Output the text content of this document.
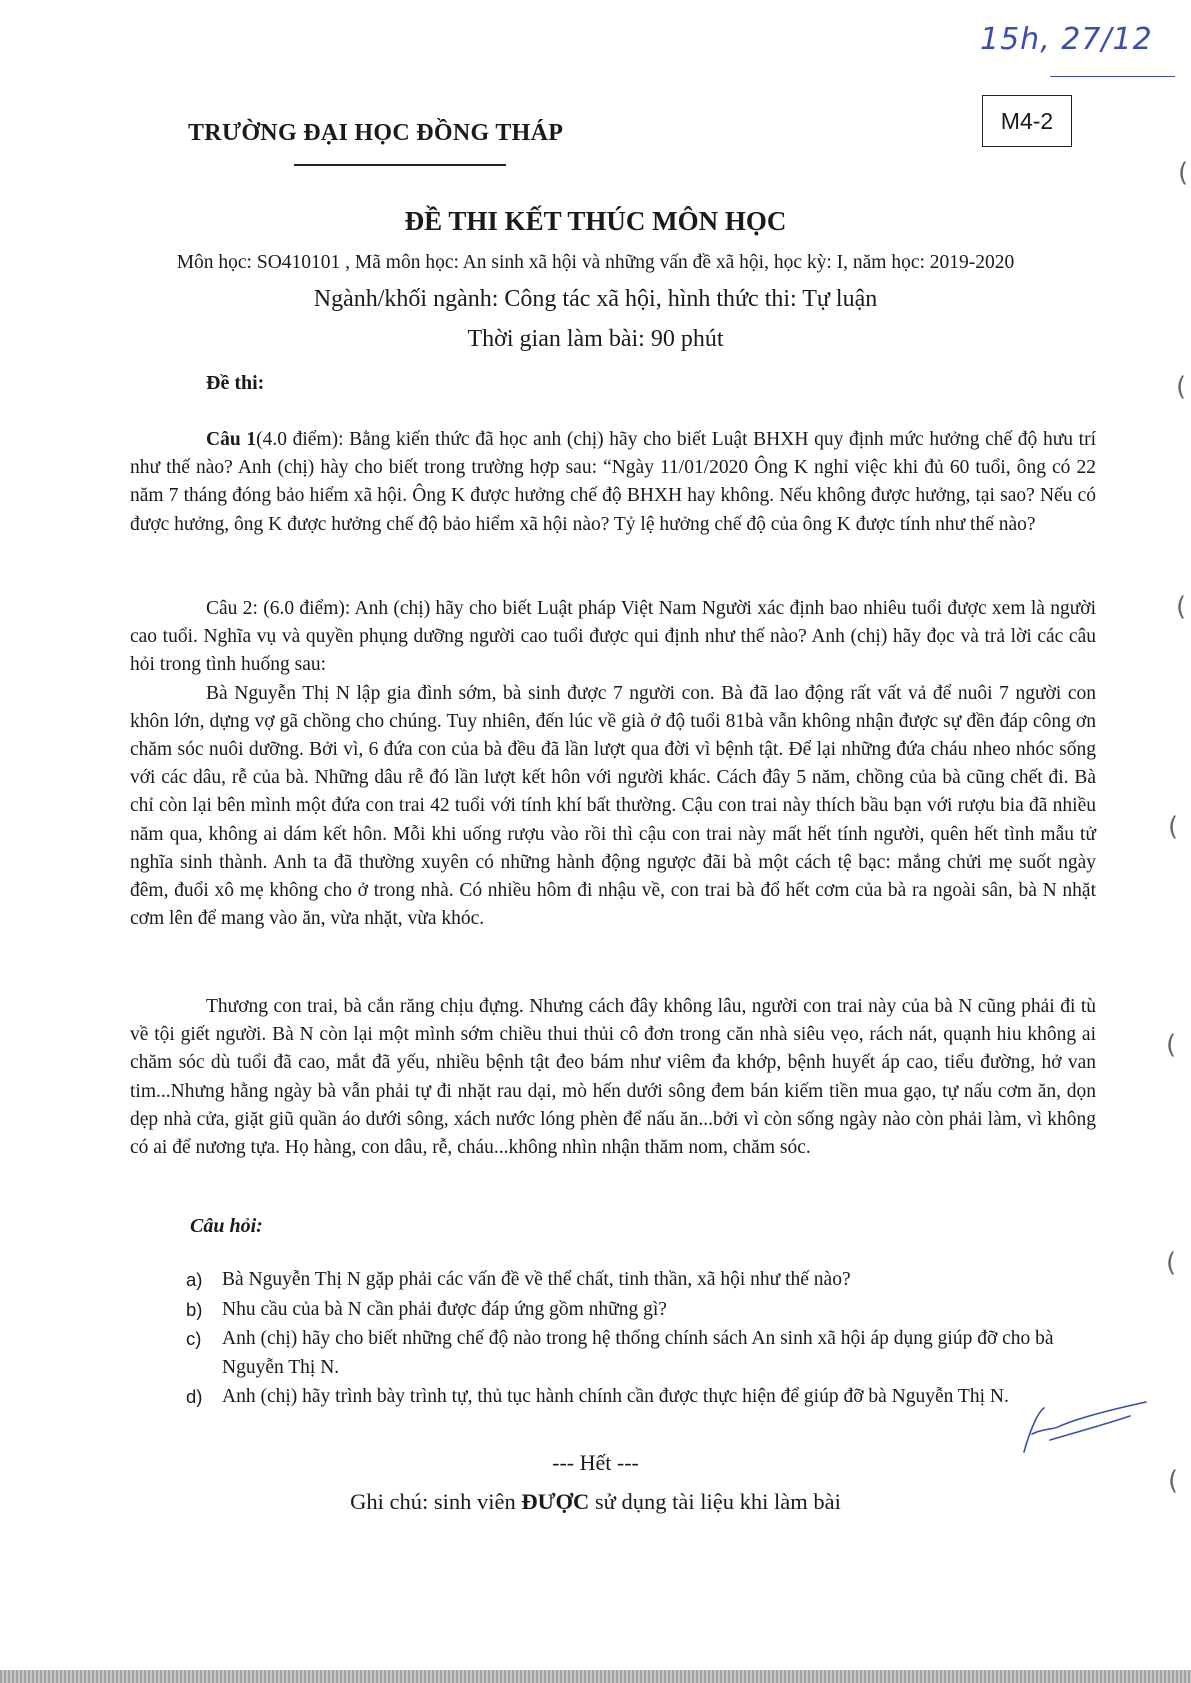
15h, 27/12
M4-2
TRƯỜNG ĐẠI HỌC ĐỒNG THÁP
ĐỀ THI KẾT THÚC MÔN HỌC
Môn học: SO410101 , Mã môn học: An sinh xã hội và những vấn đề xã hội, học kỳ: I, năm học: 2019-2020
Ngành/khối ngành: Công tác xã hội, hình thức thi: Tự luận
Thời gian làm bài: 90 phút
Đề thi:

Câu 1(4.0 điểm): Bằng kiến thức đã học anh (chị) hãy cho biết Luật BHXH quy định mức hưởng chế độ hưu trí như thế nào? Anh (chị) hày cho biết trong trường hợp sau: “Ngày 11/01/2020 Ông K nghỉ việc khi đủ 60 tuổi, ông có 22 năm 7 tháng đóng bảo hiểm xã hội. Ông K được hưởng chế độ BHXH hay không. Nếu không được hưởng, tại sao? Nếu có được hưởng, ông K được hưởng chế độ bảo hiểm xã hội nào? Tỷ lệ hưởng chế độ của ông K được tính như thế nào?

Câu 2: (6.0 điểm): Anh (chị) hãy cho biết Luật pháp Việt Nam Người xác định bao nhiêu tuổi được xem là người cao tuổi. Nghĩa vụ và quyền phụng dưỡng người cao tuổi được qui định như thế nào? Anh (chị) hãy đọc và trả lời các câu hỏi trong tình huống sau:

Bà Nguyễn Thị N lập gia đình sớm, bà sinh được 7 người con. Bà đã lao động rất vất vả để nuôi 7 người con khôn lớn, dựng vợ gã chồng cho chúng. Tuy nhiên, đến lúc về già ở độ tuổi 81bà vẫn không nhận được sự đền đáp công ơn chăm sóc nuôi dưỡng. Bởi vì, 6 đứa con của bà đều đã lần lượt qua đời vì bệnh tật. Để lại những đứa cháu nheo nhóc sống với các dâu, rễ của bà. Những dâu rễ đó lần lượt kết hôn với người khác. Cách đây 5 năm, chồng của bà cũng chết đi. Bà chỉ còn lại bên mình một đứa con trai 42 tuổi với tính khí bất thường. Cậu con trai này thích bầu bạn với rượu bia đã nhiều năm qua, không ai dám kết hôn. Mỗi khi uống rượu vào rồi thì cậu con trai này mất hết tính người, quên hết tình mẫu tử nghĩa sinh thành. Anh ta đã thường xuyên có những hành động ngược đãi bà một cách tệ bạc: mắng chửi mẹ suốt ngày đêm, đuổi xô mẹ không cho ở trong nhà. Có nhiều hôm đi nhậu về, con trai bà đổ hết cơm của bà ra ngoài sân, bà N nhặt cơm lên để mang vào ăn, vừa nhặt, vừa khóc.

Thương con trai, bà cắn răng chịu đựng. Nhưng cách đây không lâu, người con trai này của bà N cũng phải đi tù về tội giết người. Bà N còn lại một mình sớm chiều thui thủi cô đơn trong căn nhà siêu vẹo, rách nát, quạnh hiu không ai chăm sóc dù tuổi đã cao, mắt đã yếu, nhiều bệnh tật đeo bám như viêm đa khớp, bệnh huyết áp cao, tiểu đường, hở van tim...Nhưng hằng ngày bà vẫn phải tự đi nhặt rau dại, mò hến dưới sông đem bán kiếm tiền mua gạo, tự nấu cơm ăn, dọn dẹp nhà cửa, giặt giũ quần áo dưới sông, xách nước lóng phèn để nấu ăn...bởi vì còn sống ngày nào còn phải làm, vì không có ai để nương tựa. Họ hàng, con dâu, rễ, cháu...không nhìn nhận thăm nom, chăm sóc.

Câu hỏi:
a)	Bà Nguyễn Thị N gặp phải các vấn đề về thể chất, tinh thần, xã hội như thế nào?
b)	Nhu cầu của bà N cần phải được đáp ứng gồm những gì?
c)	Anh (chị) hãy cho biết những chế độ nào trong hệ thống chính sách An sinh xã hội áp dụng giúp đỡ cho bà Nguyễn Thị N.
d)	Anh (chị) hãy trình bày trình tự, thủ tục hành chính cần được thực hiện để giúp đỡ bà Nguyễn Thị N.
--- Hết ---
Ghi chú: sinh viên ĐƯỢC sử dụng tài liệu khi làm bài
(
(
(
(
(
(
(
